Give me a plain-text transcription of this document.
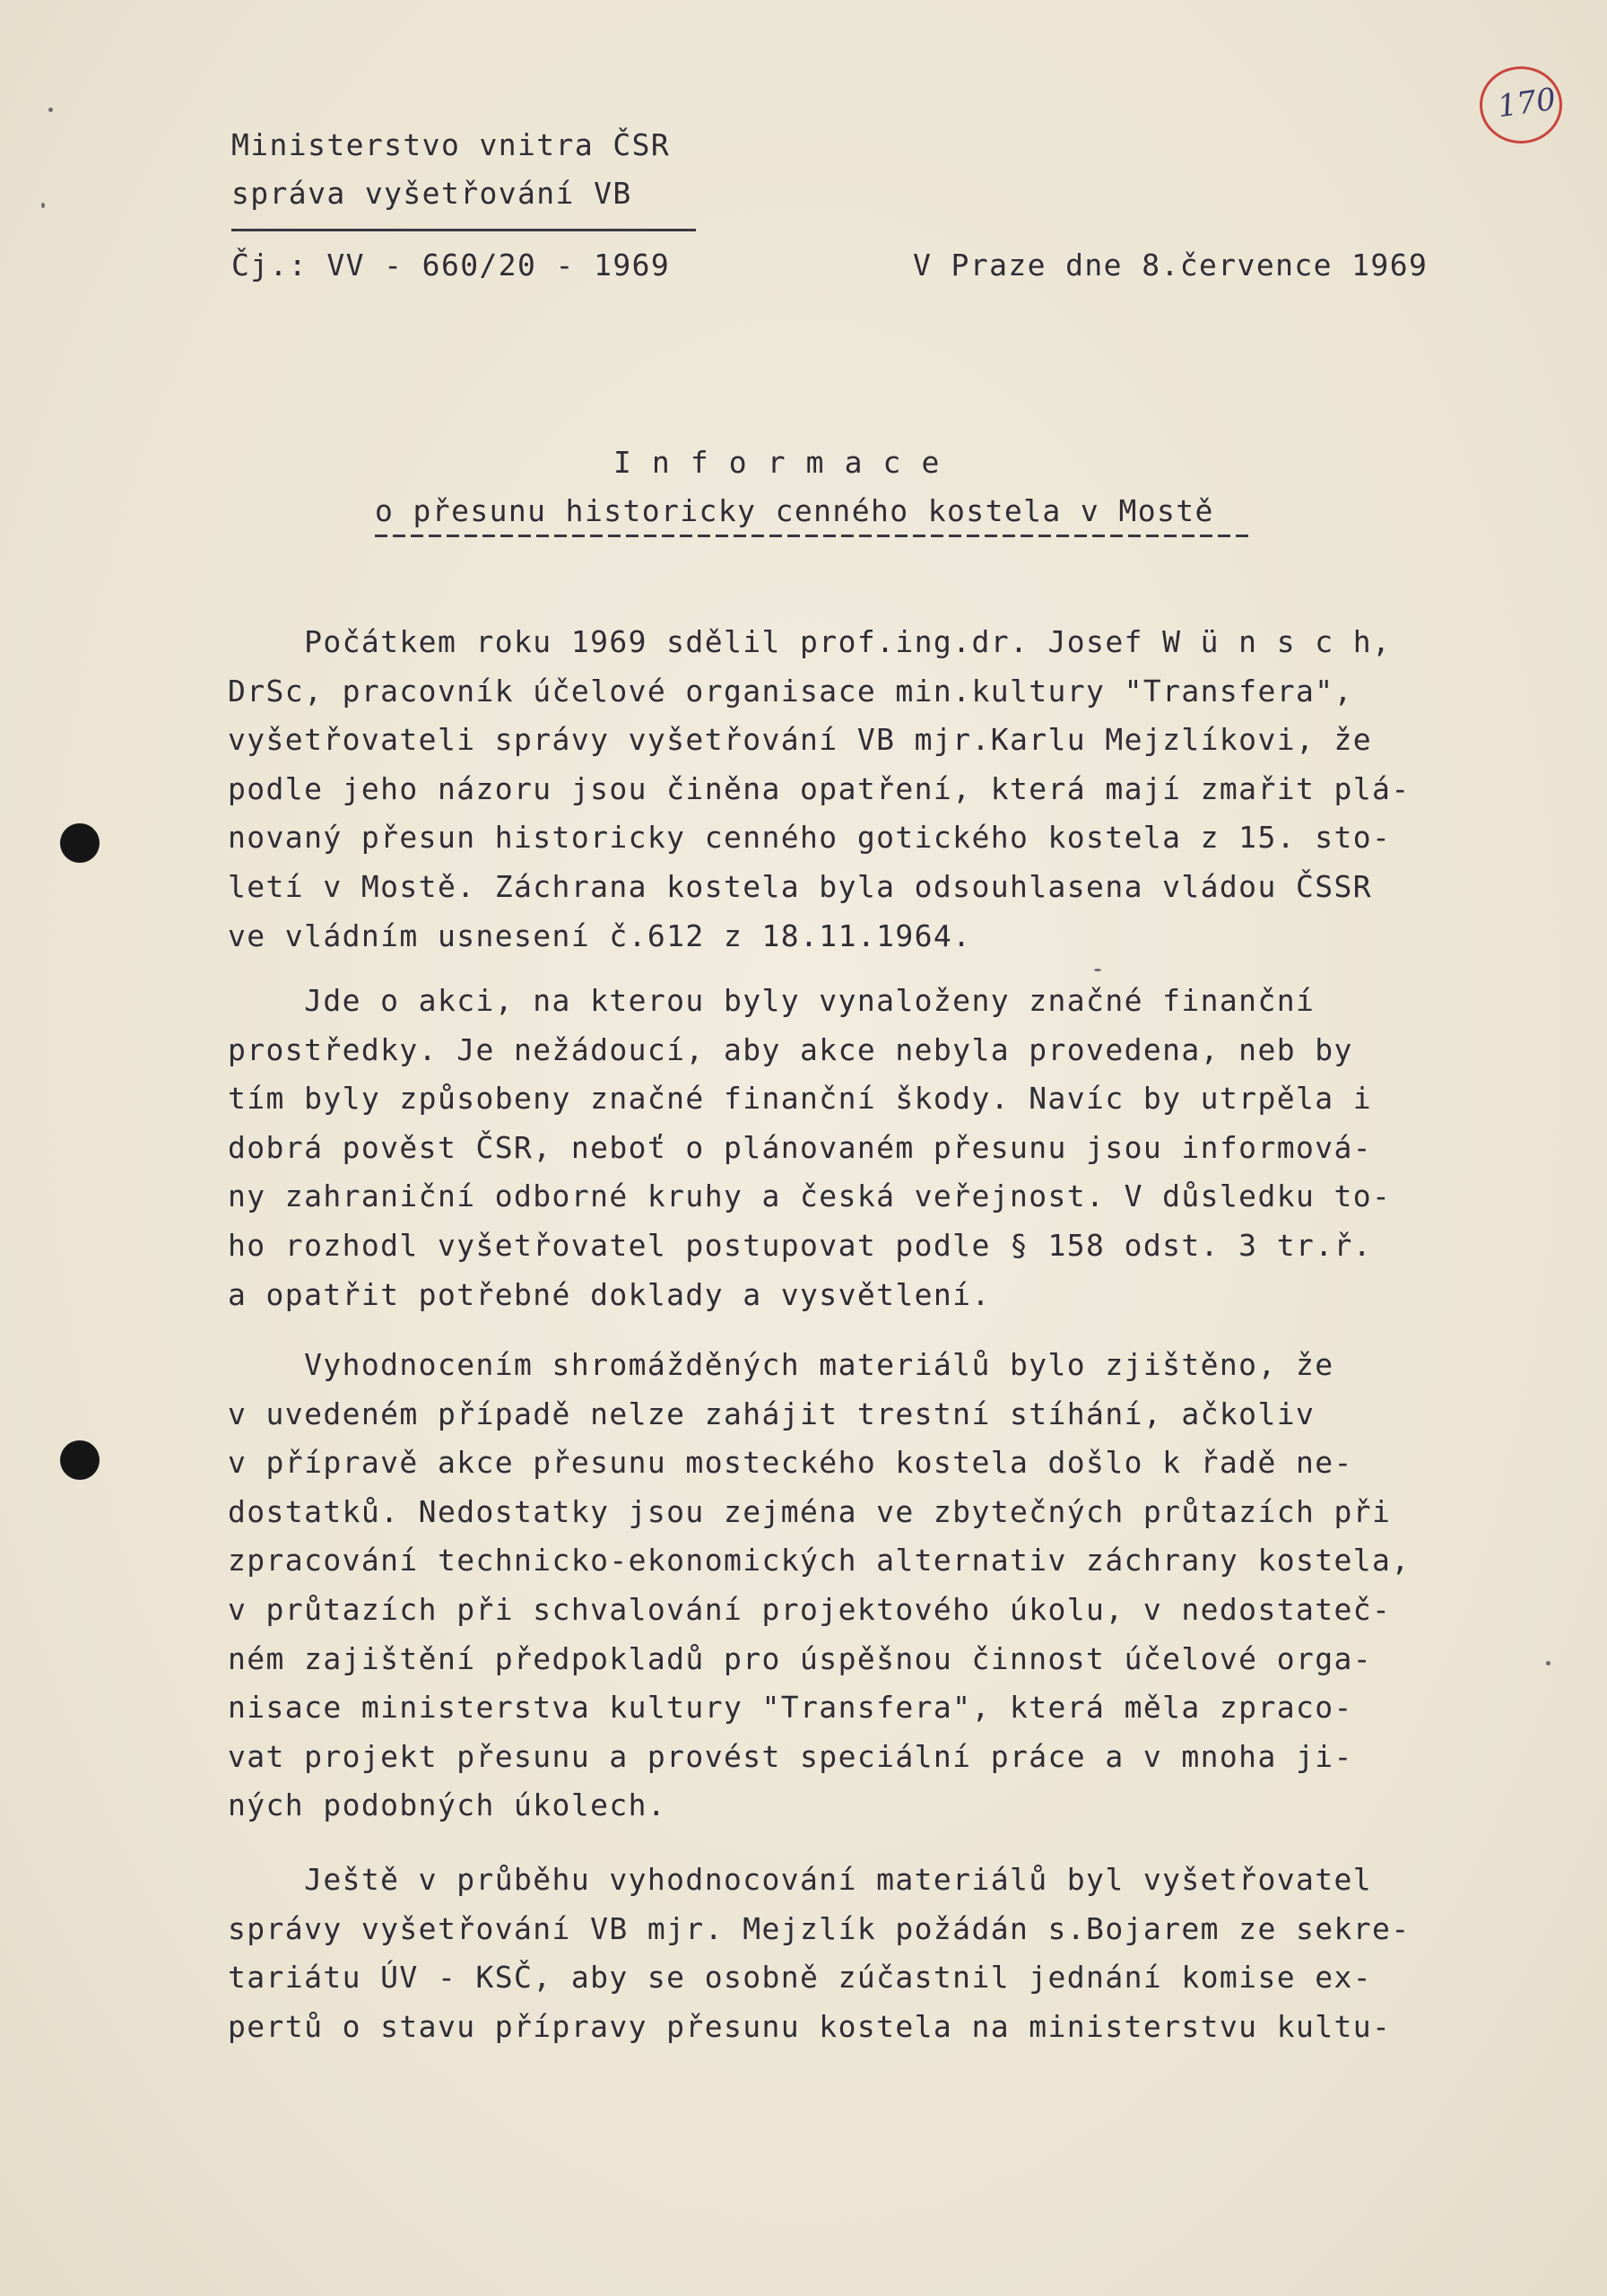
Ministerstvo vnitra ČSR
správa vyšetřování VB
Čj.: VV - 660/20 - 1969	V Praze dne 8.července 1969
170
I n f o r m a c e
o přesunu historicky cenného kostela v Mostě
Počátkem roku 1969 sdělil prof.ing.dr. Josef W ü n s c h,
DrSc, pracovník účelové organisace min.kultury "Transfera",
vyšetřovateli správy vyšetřování VB mjr.Karlu Mejzlíkovi, že
podle jeho názoru jsou činěna opatření, která mají zmařit plá-
novaný přesun historicky cenného gotického kostela z 15. sto-
letí v Mostě. Záchrana kostela byla odsouhlasena vládou ČSSR
ve vládním usnesení č.612 z 18.11.1964.
Jde o akci, na kterou byly vynaloženy značné finanční
prostředky. Je nežádoucí, aby akce nebyla provedena, neb by
tím byly způsobeny značné finanční škody. Navíc by utrpěla i
dobrá pověst ČSR, neboť o plánovaném přesunu jsou informová-
ny zahraniční odborné kruhy a česká veřejnost. V důsledku to-
ho rozhodl vyšetřovatel postupovat podle § 158 odst. 3 tr.ř.
a opatřit potřebné doklady a vysvětlení.
Vyhodnocením shromážděných materiálů bylo zjištěno, že
v uvedeném případě nelze zahájit trestní stíhání, ačkoliv
v přípravě akce přesunu mosteckého kostela došlo k řadě ne-
dostatků. Nedostatky jsou zejména ve zbytečných průtazích při
zpracování technicko-ekonomických alternativ záchrany kostela,
v průtazích při schvalování projektového úkolu, v nedostateč-
ném zajištění předpokladů pro úspěšnou činnost účelové orga-
nisace ministerstva kultury "Transfera", která měla zpraco-
vat projekt přesunu a provést speciální práce a v mnoha ji-
ných podobných úkolech.
Ještě v průběhu vyhodnocování materiálů byl vyšetřovatel
správy vyšetřování VB mjr. Mejzlík požádán s.Bojarem ze sekre-
tariátu ÚV - KSČ, aby se osobně zúčastnil jednání komise ex-
pertů o stavu přípravy přesunu kostela na ministerstvu kultu-
